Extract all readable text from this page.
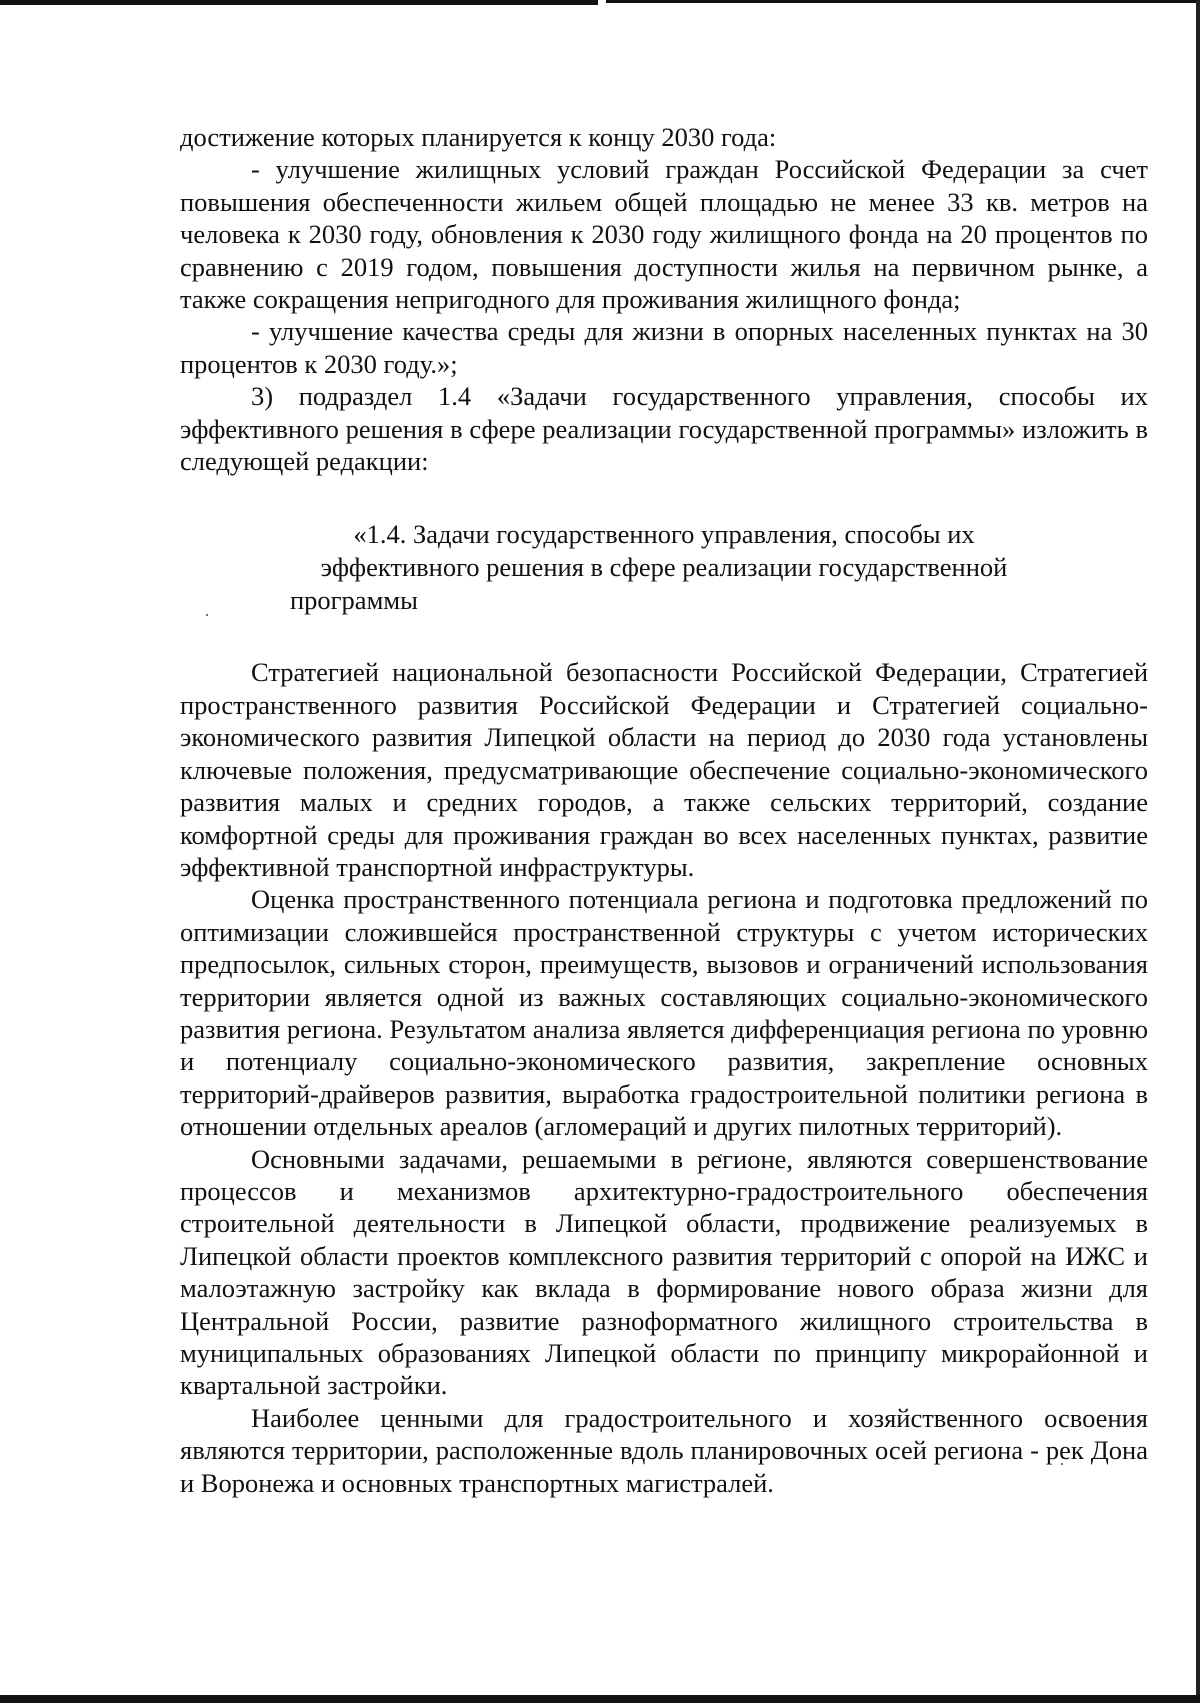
достижение которых планируется к концу 2030 года:

- улучшение жилищных условий граждан Российской Федерации за счет повышения обеспеченности жильем общей площадью не менее 33 кв. метров на человека к 2030 году, обновления к 2030 году жилищного фонда на 20 процентов по сравнению с 2019 годом, повышения доступности жилья на первичном рынке, а также сокращения непригодного для проживания жилищного фонда;

- улучшение качества среды для жизни в опорных населенных пунктах на 30 процентов к 2030 году.»;

3) подраздел 1.4 «Задачи государственного управления, способы их эффективного решения в сфере реализации государственной программы» изложить в следующей редакции:

«1.4. Задачи государственного управления, способы их эффективного решения в сфере реализации государственной программы

Стратегией национальной безопасности Российской Федерации, Стратегией пространственного развития Российской Федерации и Стратегией социально-экономического развития Липецкой области на период до 2030 года установлены ключевые положения, предусматривающие обеспечение социально-экономического развития малых и средних городов, а также сельских территорий, создание комфортной среды для проживания граждан во всех населенных пунктах, развитие эффективной транспортной инфраструктуры.

Оценка пространственного потенциала региона и подготовка предложений по оптимизации сложившейся пространственной структуры с учетом исторических предпосылок, сильных сторон, преимуществ, вызовов и ограничений использования территории является одной из важных составляющих социально-экономического развития региона. Результатом анализа является дифференциация региона по уровню и потенциалу социально-экономического развития, закрепление основных территорий-драйверов развития, выработка градостроительной политики региона в отношении отдельных ареалов (агломераций и других пилотных территорий).

Основными задачами, решаемыми в регионе, являются совершенствование процессов и механизмов архитектурно-градостроительного обеспечения строительной деятельности в Липецкой области, продвижение реализуемых в Липецкой области проектов комплексного развития территорий с опорой на ИЖС и малоэтажную застройку как вклада в формирование нового образа жизни для Центральной России, развитие разноформатного жилищного строительства в муниципальных образованиях Липецкой области по принципу микрорайонной и квартальной застройки.

Наиболее ценными для градостроительного и хозяйственного освоения являются территории, расположенные вдоль планировочных осей региона - рек Дона и Воронежа и основных транспортных магистралей.
